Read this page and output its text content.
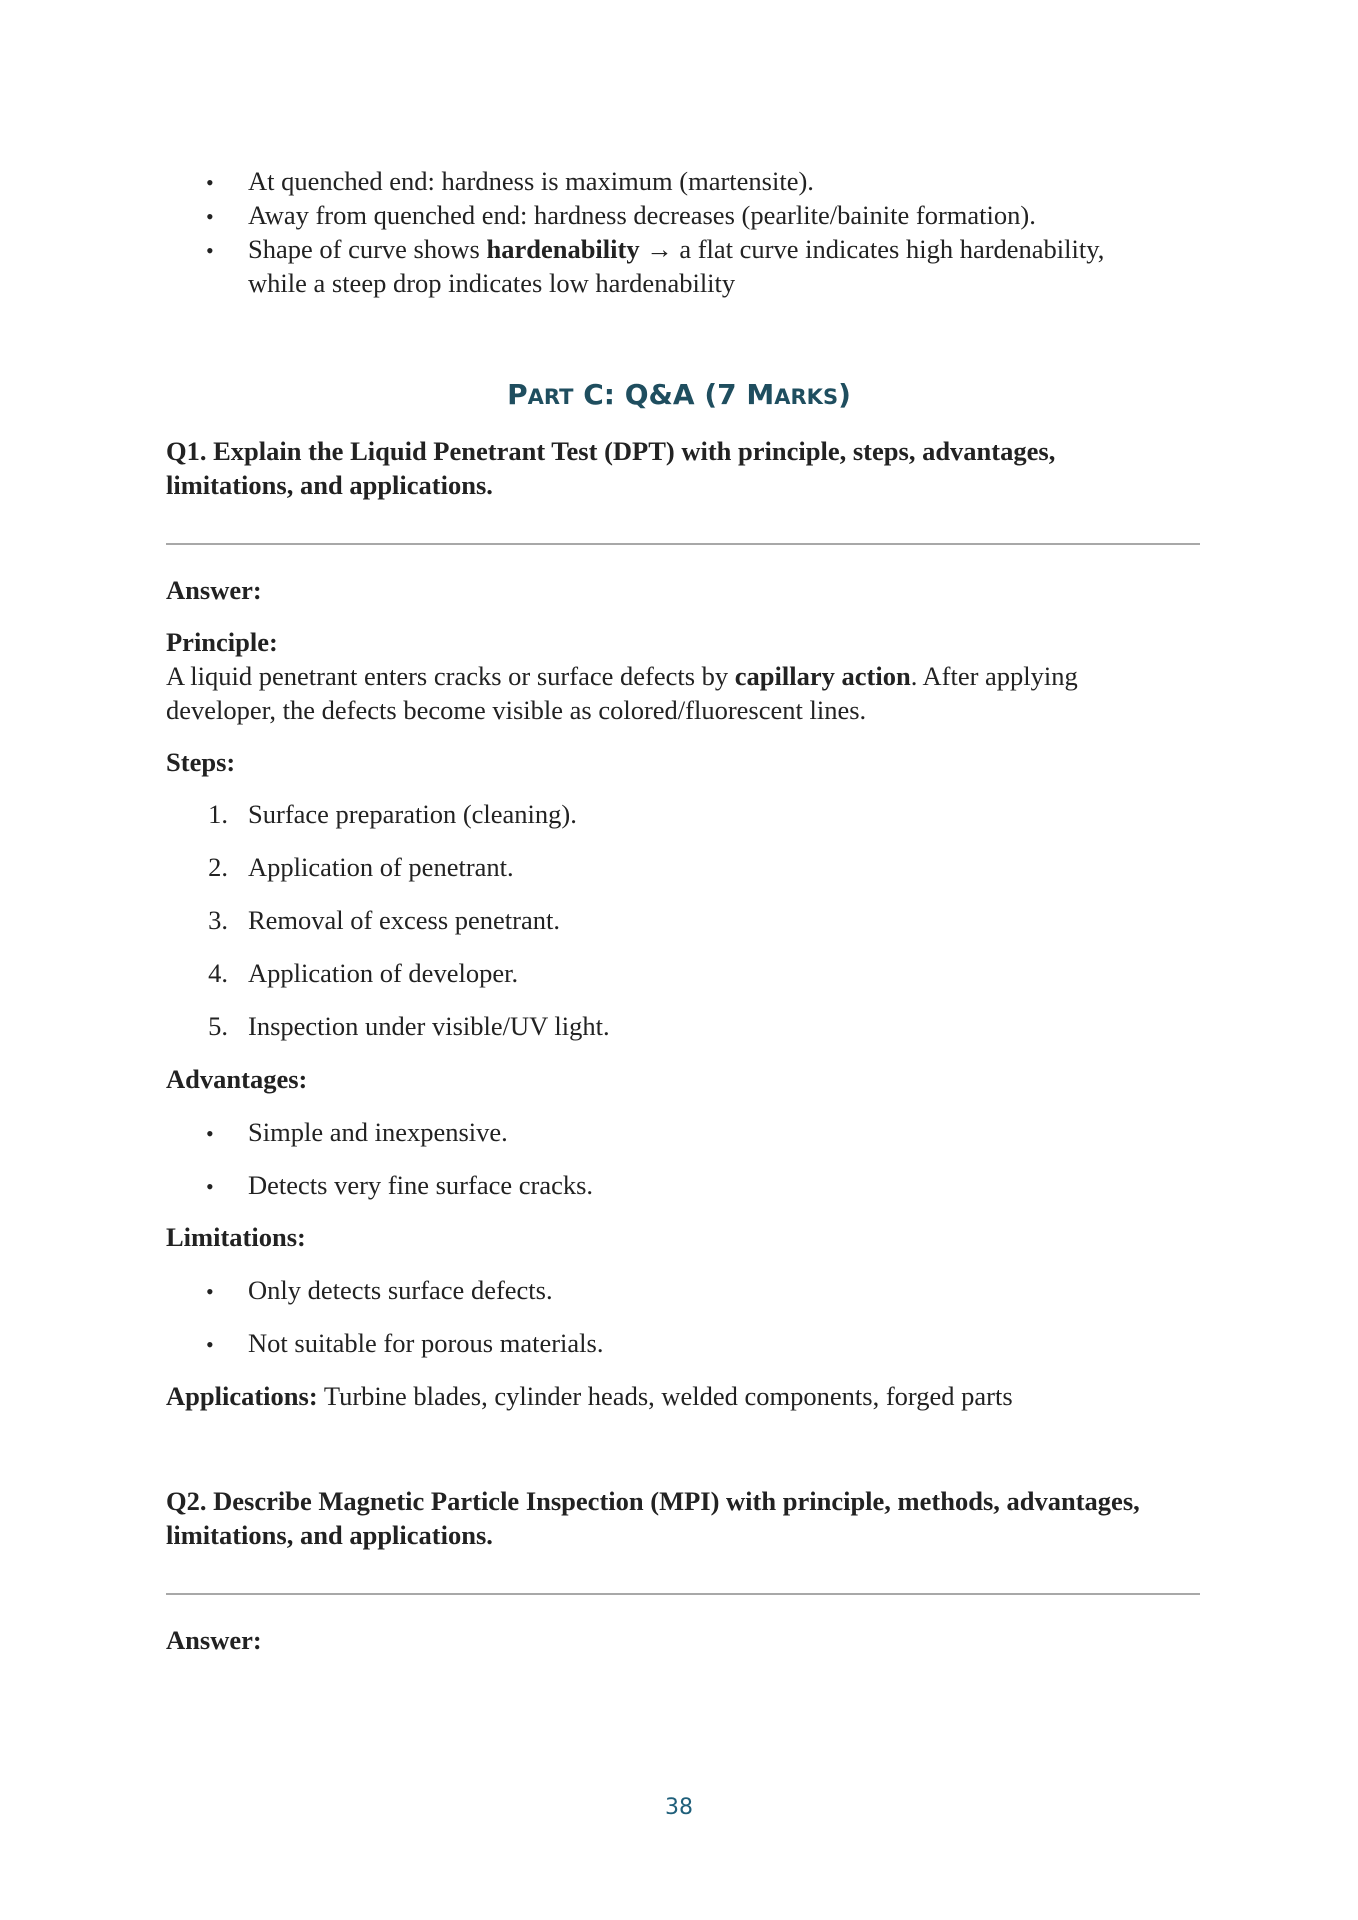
• At quenched end: hardness is maximum (martensite).
• Away from quenched end: hardness decreases (pearlite/bainite formation).
• Shape of curve shows hardenability → a flat curve indicates high hardenability,
while a steep drop indicates low hardenability
PART C: Q&A (7 MARKS)
Q1. Explain the Liquid Penetrant Test (DPT) with principle, steps, advantages,
limitations, and applications.
Answer:
Principle:
A liquid penetrant enters cracks or surface defects by capillary action. After applying
developer, the defects become visible as colored/fluorescent lines.
Steps:
1. Surface preparation (cleaning).
2. Application of penetrant.
3. Removal of excess penetrant.
4. Application of developer.
5. Inspection under visible/UV light.
Advantages:
• Simple and inexpensive.
• Detects very fine surface cracks.
Limitations:
• Only detects surface defects.
• Not suitable for porous materials.
Applications: Turbine blades, cylinder heads, welded components, forged parts
Q2. Describe Magnetic Particle Inspection (MPI) with principle, methods, advantages,
limitations, and applications.
Answer:
38
